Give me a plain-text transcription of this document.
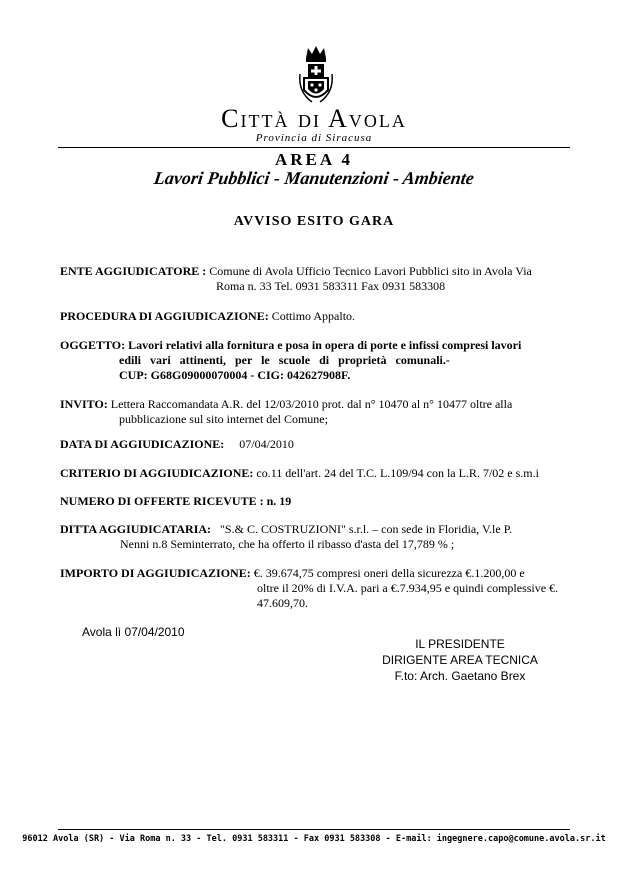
Città di Avola
Provincia di Siracusa
AREA 4
Lavori Pubblici - Manutenzioni - Ambiente
AVVISO ESITO GARA
ENTE AGGIUDICATORE : Comune di Avola Ufficio Tecnico Lavori Pubblici sito in Avola Via
Roma n. 33 Tel. 0931 583311 Fax 0931 583308
PROCEDURA DI AGGIUDICAZIONE: Cottimo Appalto.
OGGETTO: Lavori relativi alla fornitura e posa in opera di porte e infissi compresi lavori
edili   vari   attinenti,   per   le   scuole   di   proprietà   comunali.-
CUP: G68G09000070004 - CIG: 042627908F.
INVITO: Lettera Raccomandata A.R. del 12/03/2010 prot. dal n° 10470 al n° 10477 oltre alla
pubblicazione sul sito internet del Comune;
DATA DI AGGIUDICAZIONE: 07/04/2010
CRITERIO DI AGGIUDICAZIONE: co.11 dell'art. 24 del T.C. L.109/94 con la L.R. 7/02 e s.m.i
NUMERO DI OFFERTE RICEVUTE : n. 19
DITTA AGGIUDICATARIA: "S.& C. COSTRUZIONI" s.r.l. – con sede in Floridia, V.le P.
Nenni n.8 Seminterrato, che ha offerto il ribasso d'asta del 17,789 % ;
IMPORTO DI AGGIUDICAZIONE: €. 39.674,75 compresi oneri della sicurezza €.1.200,00 e
oltre il 20% di I.V.A. pari a €.7.934,95 e quindi complessive €. 47.609,70.
Avola lì 07/04/2010
IL PRESIDENTE
DIRIGENTE AREA TECNICA
F.to: Arch. Gaetano Brex
96012 Avola (SR) - Via Roma n. 33 - Tel. 0931 583311 - Fax 0931 583308 - E-mail: ingegnere.capo@comune.avola.sr.it
